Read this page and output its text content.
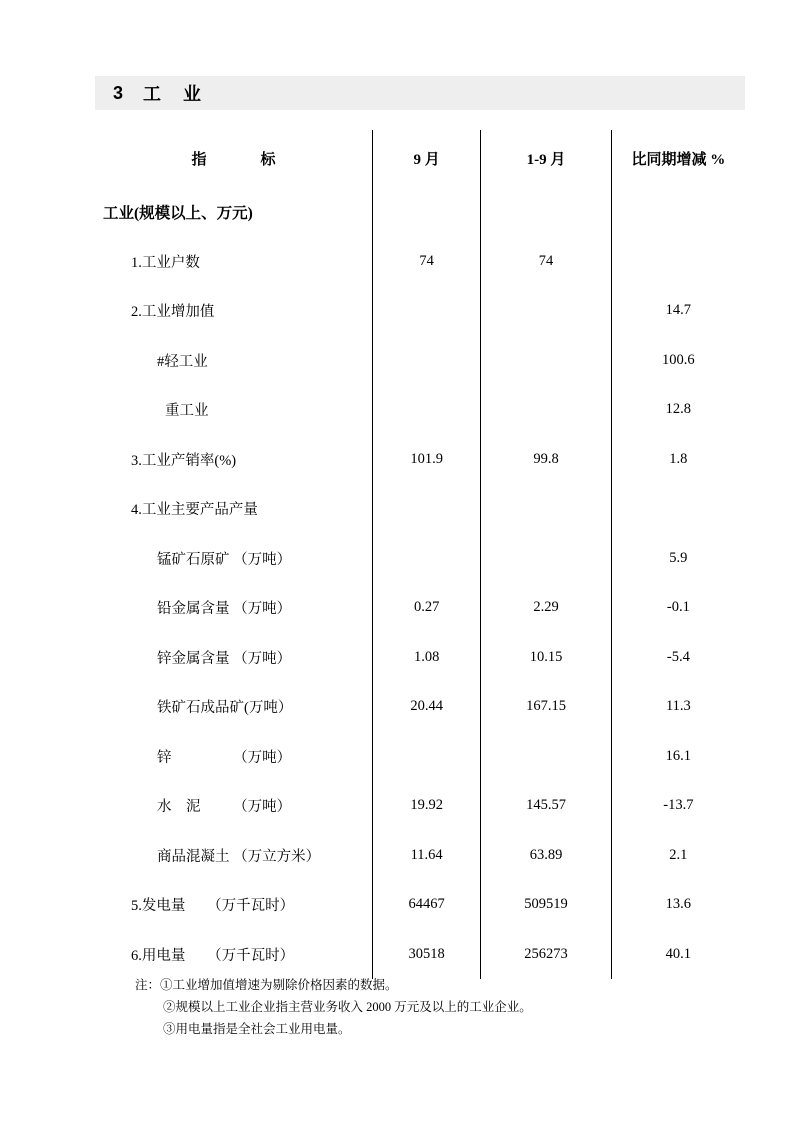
3	工　业
指 标	9 月	1-9 月	比同期增减 %
工业(规模以上、万元)			
1.工业户数	74	74	
2.工业增加值			14.7
#轻工业			100.6
重工业			12.8
3.工业产销率(%)	101.9	99.8	1.8
4.工业主要产品产量			
锰矿石原矿 （万吨）			5.9
铅金属含量 （万吨）	0.27	2.29	-0.1
锌金属含量 （万吨）	1.08	10.15	-5.4
铁矿石成品矿(万吨）	20.44	167.15	11.3
锌　　　　 （万吨）			16.1
水　泥　　 （万吨）	19.92	145.57	-13.7
商品混凝土 （万立方米）	11.64	63.89	2.1
5.发电量　　（万千瓦时）	64467	509519	13.6
6.用电量　　（万千瓦时）	30518	256273	40.1
注：①工业增加值增速为剔除价格因素的数据。
②规模以上工业企业指主营业务收入 2000 万元及以上的工业企业。
③用电量指是全社会工业用电量。
